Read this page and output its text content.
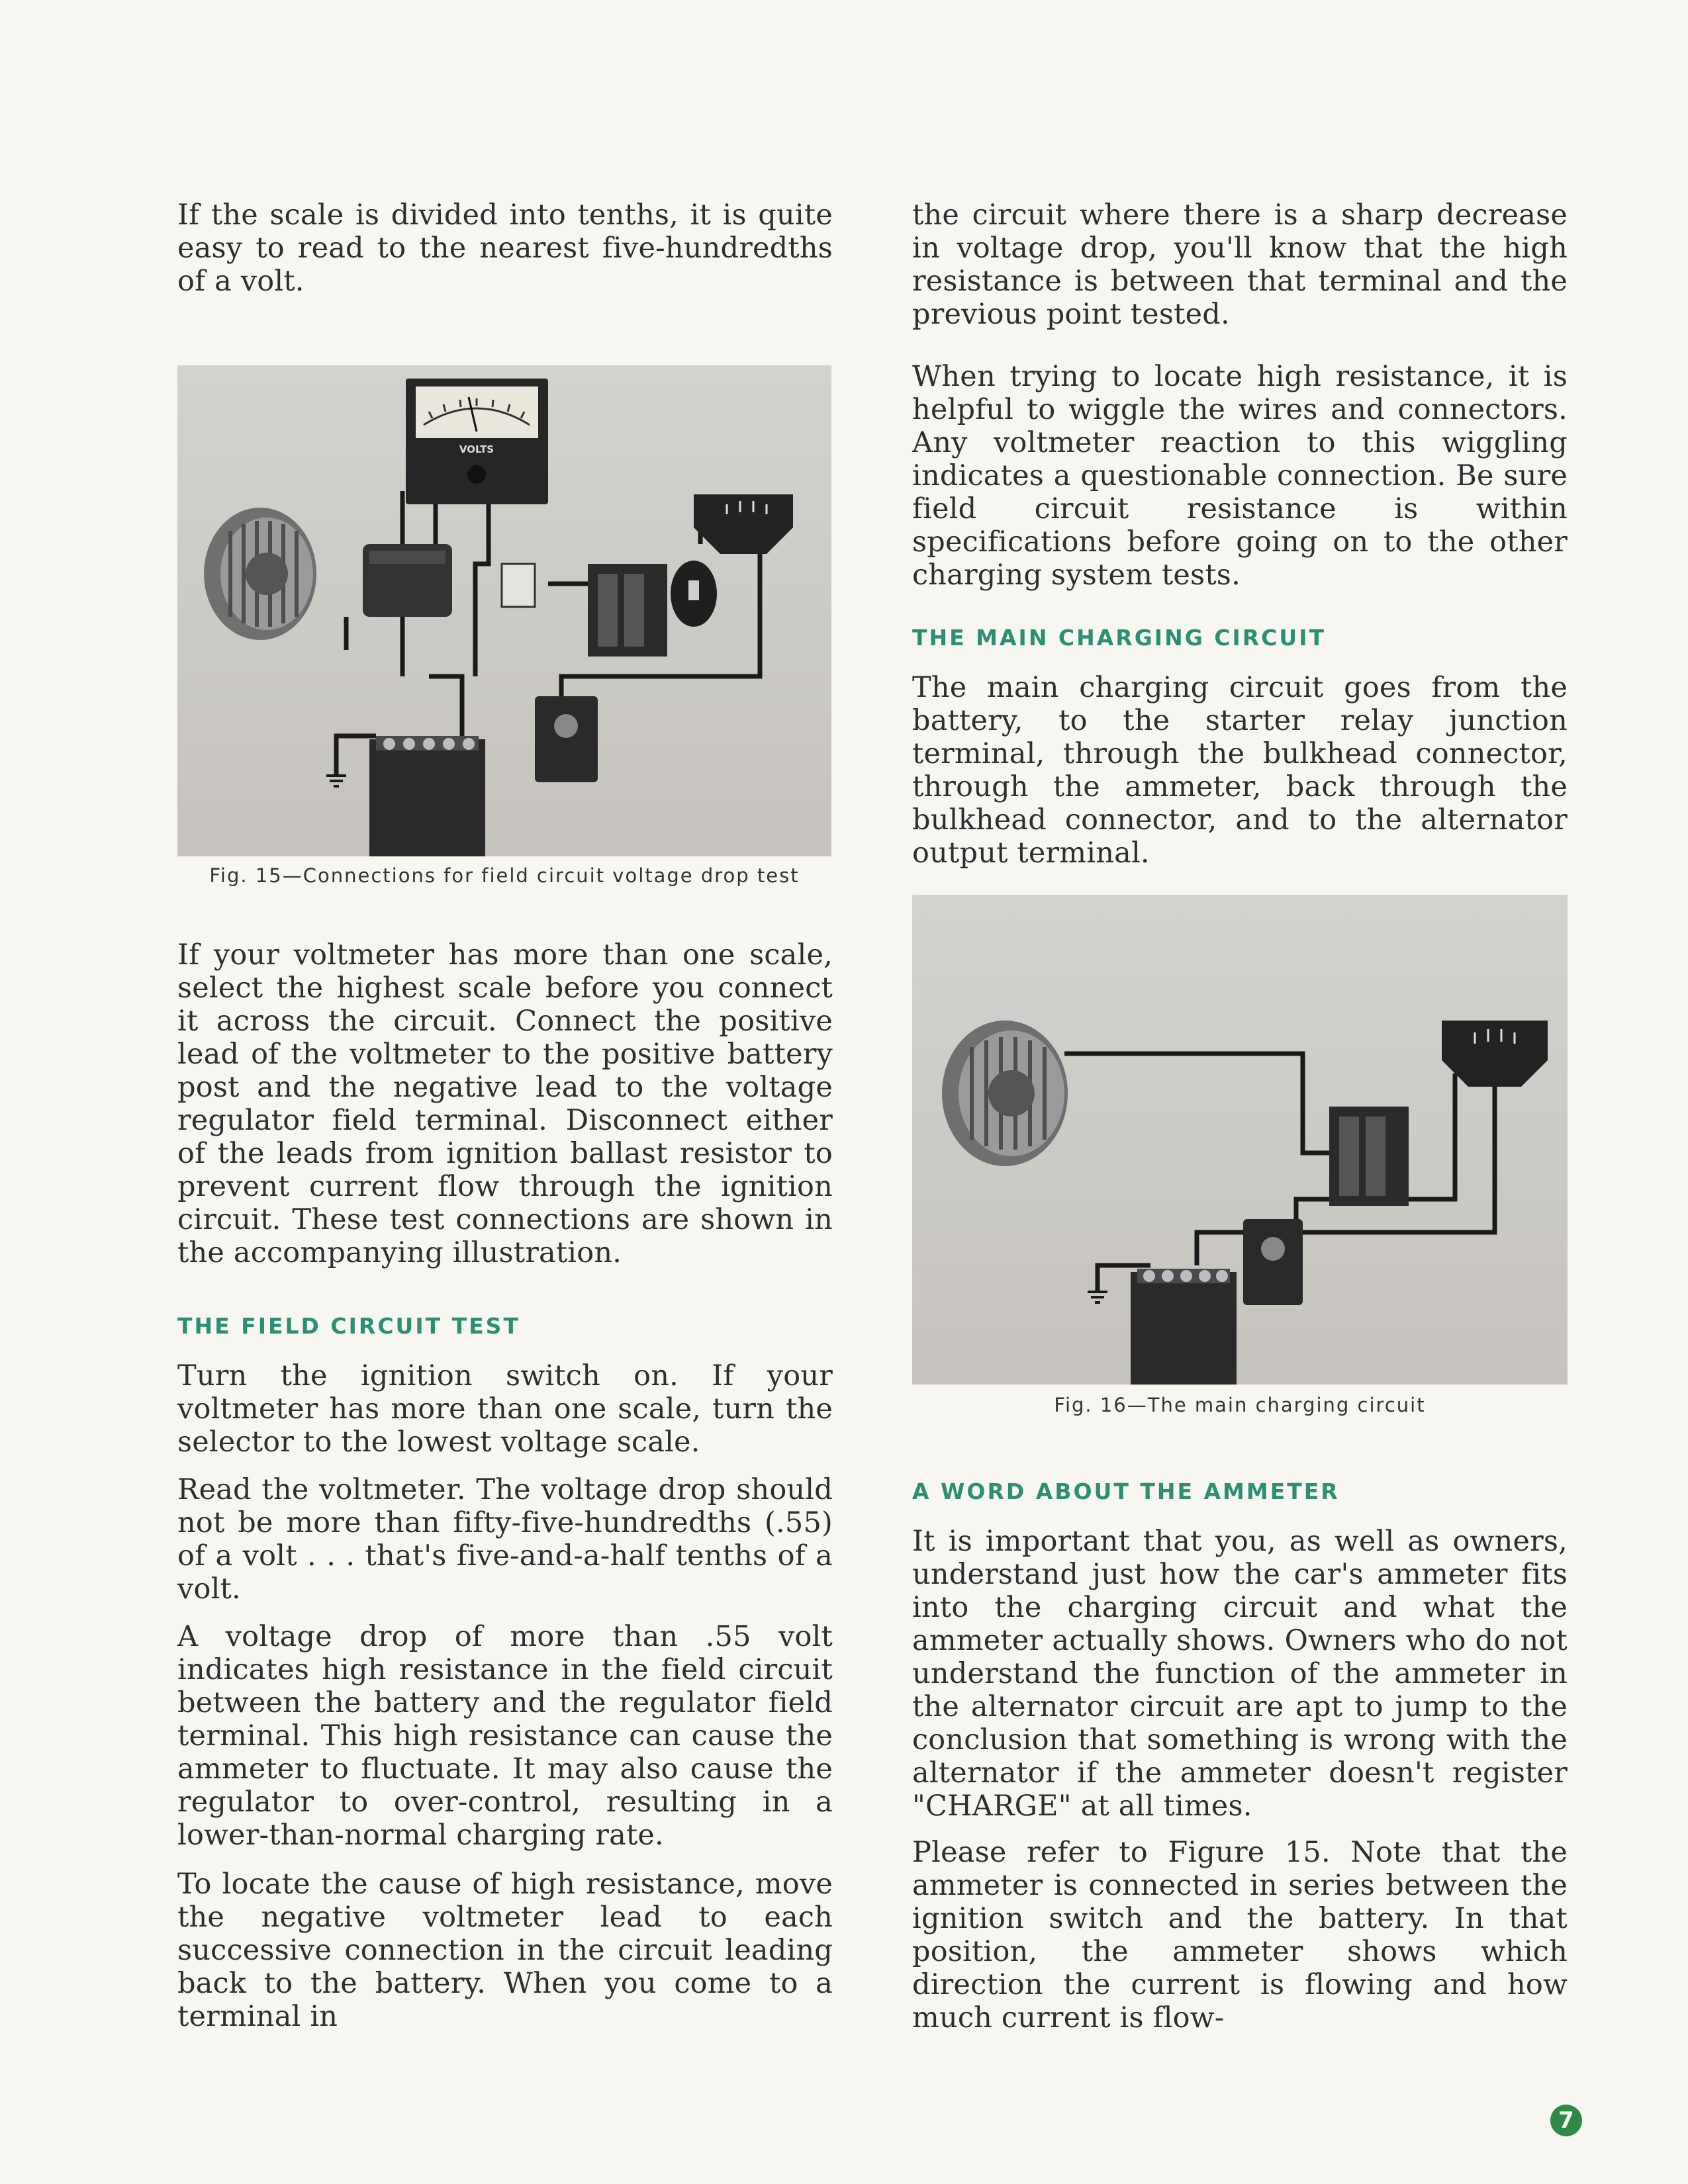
If the scale is divided into tenths, it is quite easy to read to the nearest five-hundredths of a volt.

VOLTS

Fig. 15—Connections for field circuit voltage drop test

If your voltmeter has more than one scale, select the highest scale before you connect it across the circuit. Connect the positive lead of the voltmeter to the positive battery post and the negative lead to the voltage regulator field terminal. Disconnect either of the leads from ignition ballast resistor to prevent current flow through the ignition circuit. These test connections are shown in the accompanying illustration.

THE FIELD CIRCUIT TEST

Turn the ignition switch on. If your voltmeter has more than one scale, turn the selector to the lowest voltage scale.

Read the voltmeter. The voltage drop should not be more than fifty-five-hundredths (.55) of a volt . . . that's five-and-a-half tenths of a volt.

A voltage drop of more than .55 volt indicates high resistance in the field circuit between the battery and the regulator field terminal. This high resistance can cause the ammeter to fluctuate. It may also cause the regulator to over-control, resulting in a lower-than-normal charging rate.

To locate the cause of high resistance, move the negative voltmeter lead to each successive connection in the circuit leading back to the battery. When you come to a terminal in

the circuit where there is a sharp decrease in voltage drop, you'll know that the high resistance is between that terminal and the previous point tested.

When trying to locate high resistance, it is helpful to wiggle the wires and connectors. Any voltmeter reaction to this wiggling indicates a questionable connection. Be sure field circuit resistance is within specifications before going on to the other charging system tests.

THE MAIN CHARGING CIRCUIT

The main charging circuit goes from the battery, to the starter relay junction terminal, through the bulkhead connector, through the ammeter, back through the bulkhead connector, and to the alternator output terminal.

Fig. 16—The main charging circuit

A WORD ABOUT THE AMMETER

It is important that you, as well as owners, understand just how the car's ammeter fits into the charging circuit and what the ammeter actually shows. Owners who do not understand the function of the ammeter in the alternator circuit are apt to jump to the conclusion that something is wrong with the alternator if the ammeter doesn't register "CHARGE" at all times.

Please refer to Figure 15. Note that the ammeter is connected in series between the ignition switch and the battery. In that position, the ammeter shows which direction the current is flowing and how much current is flow-

7
